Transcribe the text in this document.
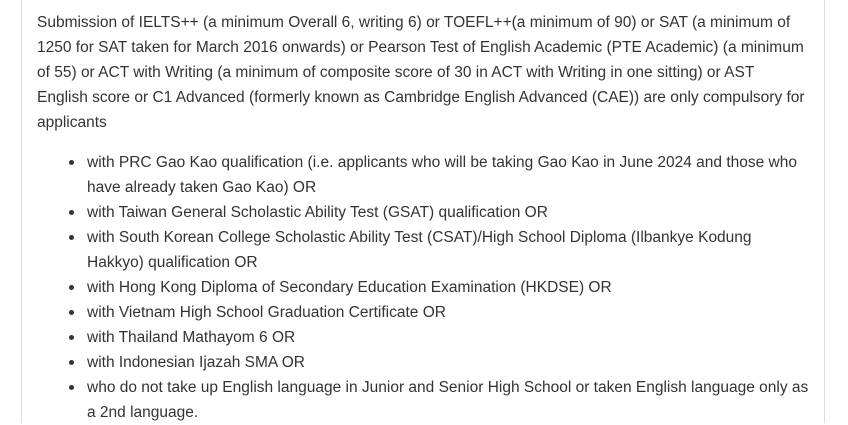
Submission of IELTS++ (a minimum Overall 6, writing 6) or TOEFL++(a minimum of 90) or SAT (a minimum of 1250 for SAT taken for March 2016 onwards) or Pearson Test of English Academic (PTE Academic) (a minimum of 55) or ACT with Writing (a minimum of composite score of 30 in ACT with Writing in one sitting) or AST English score or C1 Advanced (formerly known as Cambridge English Advanced (CAE)) are only compulsory for applicants

with PRC Gao Kao qualification (i.e. applicants who will be taking Gao Kao in June 2024 and those who have already taken Gao Kao) OR
with Taiwan General Scholastic Ability Test (GSAT) qualification OR
with South Korean College Scholastic Ability Test (CSAT)/High School Diploma (Ilbankye Kodung Hakkyo) qualification OR
with Hong Kong Diploma of Secondary Education Examination (HKDSE) OR
with Vietnam High School Graduation Certificate OR
with Thailand Mathayom 6 OR
with Indonesian Ijazah SMA OR
who do not take up English language in Junior and Senior High School or taken English language only as a 2nd language.
